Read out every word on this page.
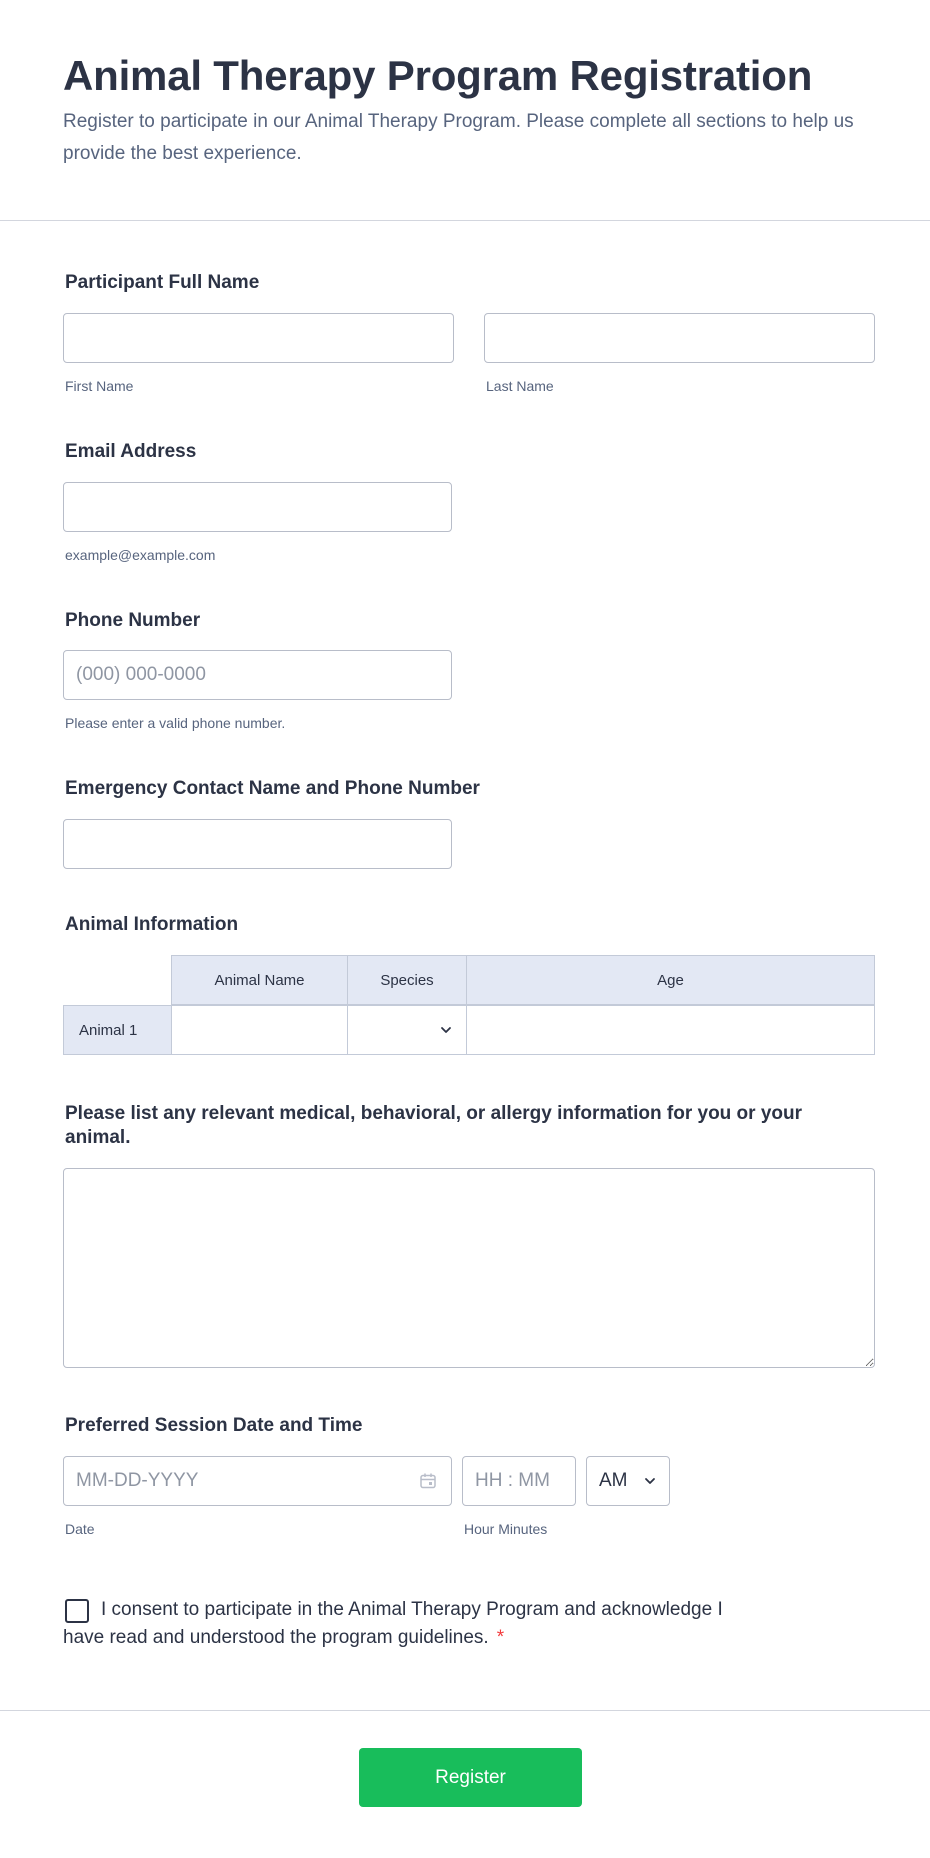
Animal Therapy Program Registration

Register to participate in our Animal Therapy Program. Please complete all sections to help us provide the best experience.

Participant Full Name
First Name	Last Name
Email Address
example@example.com
Phone Number
(000) 000-0000
Please enter a valid phone number.
Emergency Contact Name and Phone Number
Animal Information
Animal Name	Species	Age
Animal 1
Please list any relevant medical, behavioral, or allergy information for you or your animal.
Preferred Session Date and Time
MM-DD-YYYY
Date
HH : MM	Hour Minutes
AM

I consent to participate in the Animal Therapy Program and acknowledge I have read and understood the program guidelines. *

Register
